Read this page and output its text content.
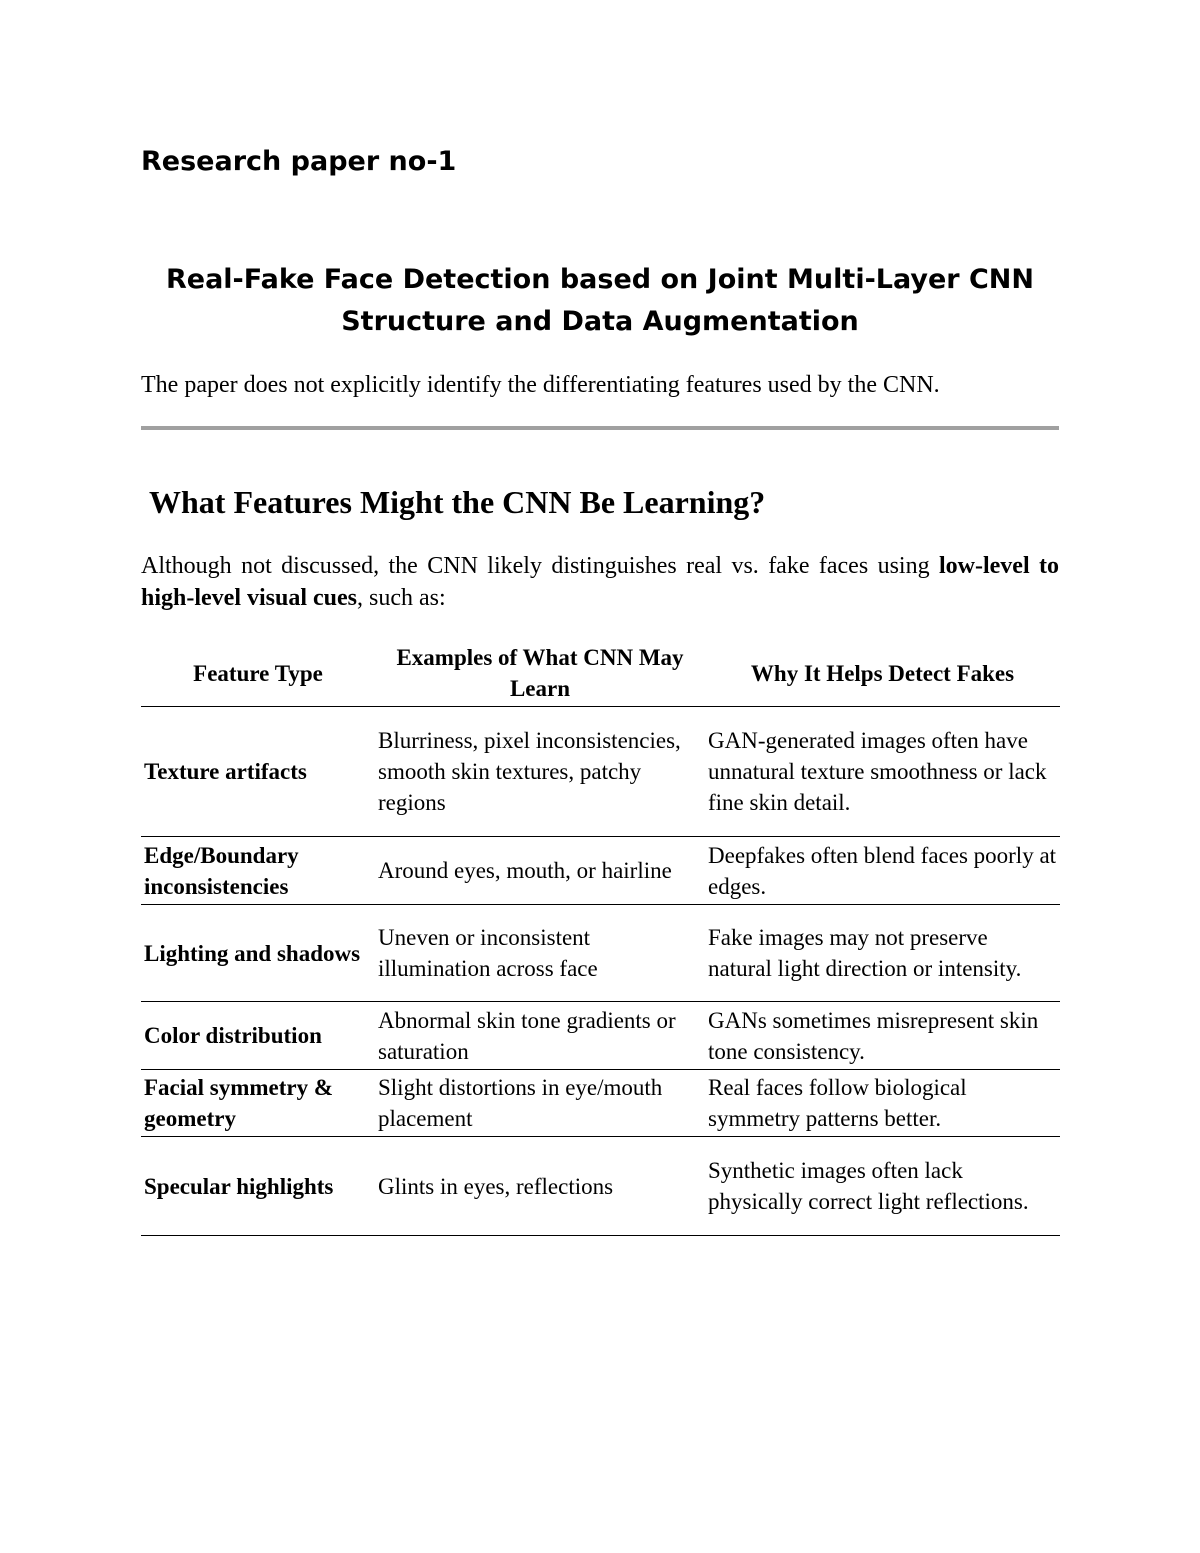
Research paper no-1

Real-Fake Face Detection based on Joint Multi-Layer CNN
Structure and Data Augmentation

The paper does not explicitly identify the differentiating features used by the CNN.

What Features Might the CNN Be Learning?

Although not discussed, the CNN likely distinguishes real vs. fake faces using low-level to high-level visual cues, such as:

Feature Type	Examples of What CNN May Learn	Why It Helps Detect Fakes
Texture artifacts	Blurriness, pixel inconsistencies, smooth skin textures, patchy regions	GAN-generated images often have unnatural texture smoothness or lack fine skin detail.
Edge/Boundary inconsistencies	Around eyes, mouth, or hairline	Deepfakes often blend faces poorly at edges.
Lighting and shadows	Uneven or inconsistent illumination across face	Fake images may not preserve natural light direction or intensity.
Color distribution	Abnormal skin tone gradients or saturation	GANs sometimes misrepresent skin tone consistency.
Facial symmetry & geometry	Slight distortions in eye/mouth placement	Real faces follow biological symmetry patterns better.
Specular highlights	Glints in eyes, reflections	Synthetic images often lack physically correct light reflections.
